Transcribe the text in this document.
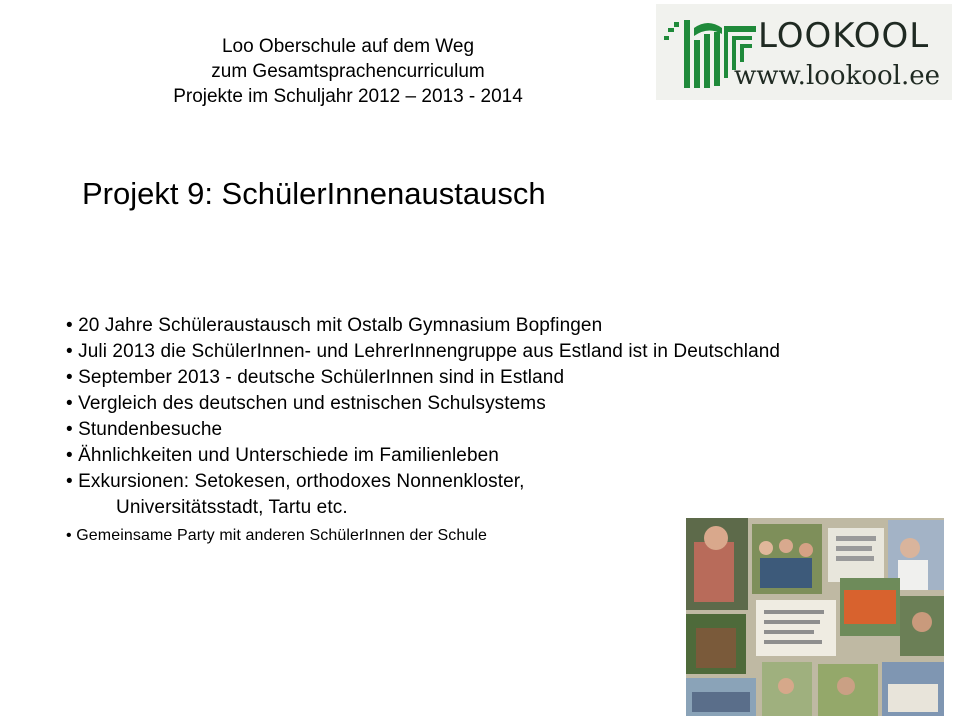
Loo Oberschule auf dem Weg
zum Gesamtsprachencurriculum
Projekte im Schuljahr 2012 – 2013 - 2014
LOOKOOL
www.lookool.ee
Projekt 9: SchülerInnenaustausch

• 20 Jahre Schüleraustausch mit Ostalb Gymnasium Bopfingen

• Juli 2013 die SchülerInnen- und LehrerInnengruppe aus Estland ist in Deutschland

• September 2013 - deutsche SchülerInnen sind in Estland

• Vergleich des deutschen und estnischen Schulsystems

• Stundenbesuche

• Ähnlichkeiten und Unterschiede im Familienleben

• Exkursionen: Setokesen, orthodoxes Nonnenkloster,

Universitätsstadt, Tartu etc.

• Gemeinsame Party mit anderen SchülerInnen der Schule
